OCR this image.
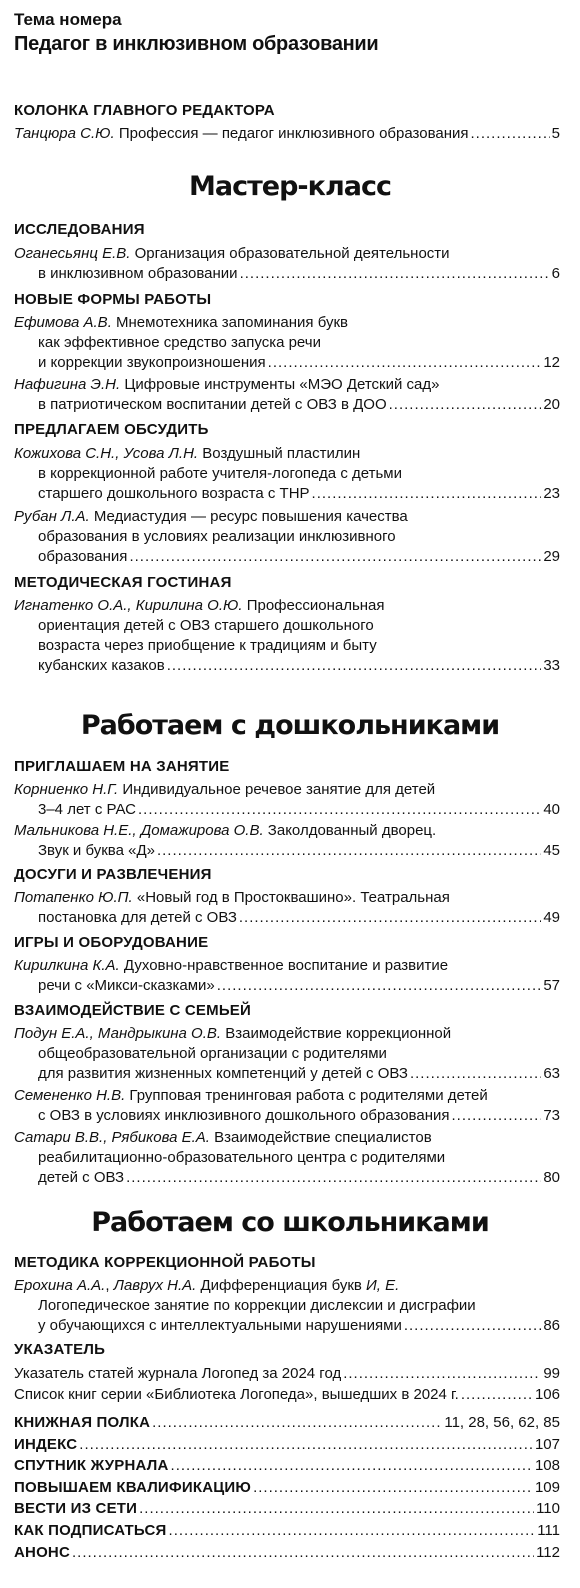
Тема номера
Педагог в инклюзивном образовании
КОЛОНКА ГЛАВНОГО РЕДАКТОРА
Танцюра С.Ю. Профессия — педагог инклюзивного образования .....	5
Мастер-класс
ИССЛЕДОВАНИЯ
Оганесьянц Е.В. Организация образовательной деятельности
в инклюзивном образовании .....	6
НОВЫЕ ФОРМЫ РАБОТЫ
Ефимова А.В. Мнемотехника запоминания букв
как эффективное средство запуска речи
и коррекции звукопроизношения .....	12
Нафигина Э.Н. Цифровые инструменты «МЭО Детский сад»
в патриотическом воспитании детей с ОВЗ в ДОО .....	20
ПРЕДЛАГАЕМ ОБСУДИТЬ
Кожихова С.Н., Усова Л.Н. Воздушный пластилин
в коррекционной работе учителя-логопеда с детьми
старшего дошкольного возраста с ТНР .....	23
Рубан Л.А. Медиастудия — ресурс повышения качества
образования в условиях реализации инклюзивного
образования .....	29
МЕТОДИЧЕСКАЯ ГОСТИНАЯ
Игнатенко О.А., Кирилина О.Ю. Профессиональная
ориентация детей с ОВЗ старшего дошкольного
возраста через приобщение к традициям и быту
кубанских казаков .....	33
Работаем с дошкольниками
ПРИГЛАШАЕМ НА ЗАНЯТИЕ
Корниенко Н.Г. Индивидуальное речевое занятие для детей
3–4 лет с РАС .....	40
Мальникова Н.Е., Домажирова О.В. Заколдованный дворец.
Звук и буква «Д» .....	45
ДОСУГИ И РАЗВЛЕЧЕНИЯ
Потапенко Ю.П. «Новый год в Простоквашино». Театральная
постановка для детей с ОВЗ .....	49
ИГРЫ И ОБОРУДОВАНИЕ
Кирилкина К.А. Духовно-нравственное воспитание и развитие
речи с «Микси-сказками» .....	57
ВЗАИМОДЕЙСТВИЕ С СЕМЬЕЙ
Подун Е.А., Мандрыкина О.В. Взаимодействие коррекционной
общеобразовательной организации с родителями
для развития жизненных компетенций у детей с ОВЗ .....	63
Семененко Н.В. Групповая тренинговая работа с родителями детей
с ОВЗ в условиях инклюзивного дошкольного образования .....	73
Сатари В.В., Рябикова Е.А. Взаимодействие специалистов
реабилитационно-образовательного центра с родителями
детей с ОВЗ .....	80
Работаем со школьниками
МЕТОДИКА КОРРЕКЦИОННОЙ РАБОТЫ
Ерохина А.А., Лаврух Н.А. Дифференциация букв И, Е.
Логопедическое занятие по коррекции дислексии и дисграфии
у обучающихся с интеллектуальными нарушениями .....	86
УКАЗАТЕЛЬ
Указатель статей журнала Логопед за 2024 год .....	99
Список книг серии «Библиотека Логопеда», вышедших в 2024 г. .....	106
КНИЖНАЯ ПОЛКА .....	11, 28, 56, 62, 85
ИНДЕКС .....	107
СПУТНИК ЖУРНАЛА .....	108
ПОВЫШАЕМ КВАЛИФИКАЦИЮ .....	109
ВЕСТИ ИЗ СЕТИ .....	110
КАК ПОДПИСАТЬСЯ .....	111
АНОНС .....	112
